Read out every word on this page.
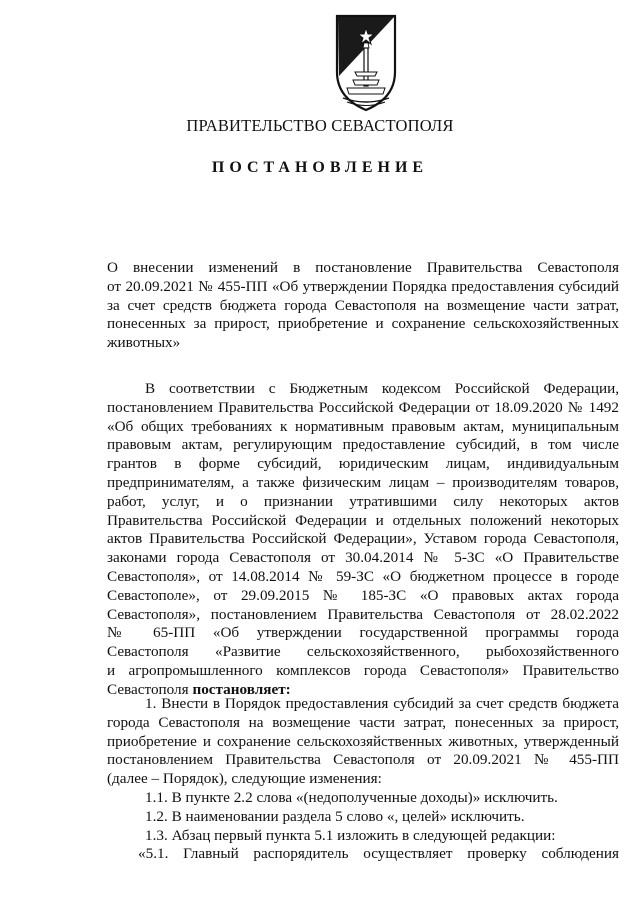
ПРАВИТЕЛЬСТВО СЕВАСТОПОЛЯ
ПОСТАНОВЛЕНИЕ
О внесении изменений в постановление Правительства Севастополя
от 20.09.2021 № 455-ПП «Об утверждении Порядка предоставления субсидий
за счет средств бюджета города Севастополя на возмещение части затрат,
понесенных за прирост, приобретение и сохранение сельскохозяйственных
животных»
В соответствии с Бюджетным кодексом Российской Федерации,
постановлением Правительства Российской Федерации от 18.09.2020 № 1492
«Об общих требованиях к нормативным правовым актам, муниципальным
правовым актам, регулирующим предоставление субсидий, в том числе
грантов в форме субсидий, юридическим лицам, индивидуальным
предпринимателям, а также физическим лицам – производителям товаров,
работ, услуг, и о признании утратившими силу некоторых актов
Правительства Российской Федерации и отдельных положений некоторых
актов Правительства Российской Федерации», Уставом города Севастополя,
законами города Севастополя от 30.04.2014 № 5-ЗС «О Правительстве
Севастополя», от 14.08.2014 № 59-ЗС «О бюджетном процессе в городе
Севастополе», от 29.09.2015 № 185-ЗС «О правовых актах города
Севастополя», постановлением Правительства Севастополя от 28.02.2022
№ 65-ПП «Об утверждении государственной программы города
Севастополя «Развитие сельскохозяйственного, рыбохозяйственного
и агропромышленного комплексов города Севастополя» Правительство
Севастополя постановляет:
1. Внести в Порядок предоставления субсидий за счет средств бюджета
города Севастополя на возмещение части затрат, понесенных за прирост,
приобретение и сохранение сельскохозяйственных животных, утвержденный
постановлением Правительства Севастополя от 20.09.2021 № 455-ПП
(далее – Порядок), следующие изменения:
1.1. В пункте 2.2 слова «(недополученные доходы)» исключить.
1.2. В наименовании раздела 5 слово «, целей» исключить.
1.3. Абзац первый пункта 5.1 изложить в следующей редакции:
«5.1. Главный распорядитель осуществляет проверку соблюдения
